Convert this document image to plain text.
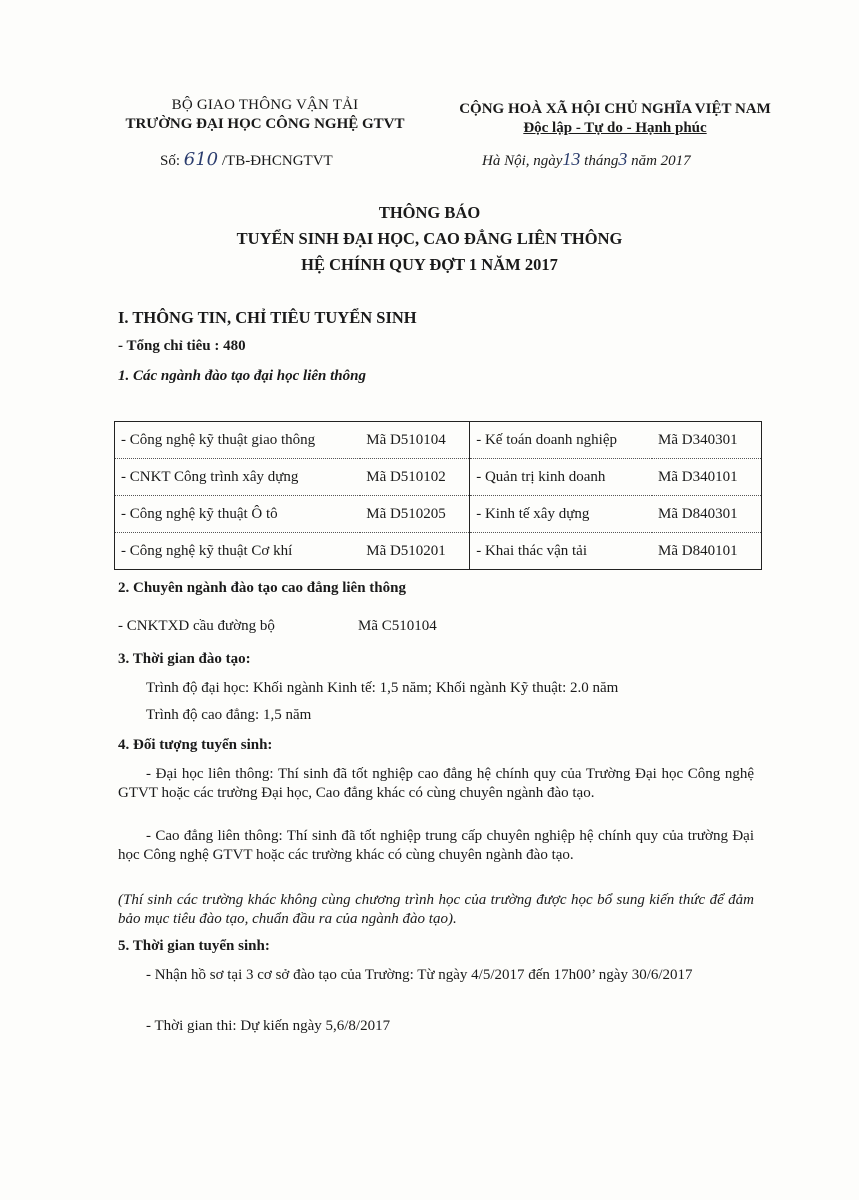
BỘ GIAO THÔNG VẬN TẢI
TRƯỜNG ĐẠI HỌC CÔNG NGHỆ GTVT
CỘNG HOÀ XÃ HỘI CHỦ NGHĨA VIỆT NAM
Độc lập - Tự do - Hạnh phúc
Số: 610 /TB-ĐHCNGTVT	Hà Nội, ngày13 tháng3 năm 2017
THÔNG BÁO
TUYỂN SINH ĐẠI HỌC, CAO ĐẲNG LIÊN THÔNG
HỆ CHÍNH QUY ĐỢT 1 NĂM 2017
I. THÔNG TIN, CHỈ TIÊU TUYỂN SINH
- Tổng chỉ tiêu : 480
1. Các ngành đào tạo đại học liên thông
- Công nghệ kỹ thuật giao thông	Mã D510104	- Kế toán doanh nghiệp	Mã D340301
- CNKT Công trình xây dựng	Mã D510102	- Quản trị kinh doanh	Mã D340101
- Công nghệ kỹ thuật Ô tô	Mã D510205	- Kinh tế xây dựng	Mã D840301
- Công nghệ kỹ thuật Cơ khí	Mã D510201	- Khai thác vận tải	Mã D840101
2. Chuyên ngành đào tạo cao đẳng liên thông
- CNKTXD cầu đường bộ	Mã C510104
3. Thời gian đào tạo:
Trình độ đại học: Khối ngành Kinh tế: 1,5 năm; Khối ngành Kỹ thuật: 2.0 năm
Trình độ cao đẳng: 1,5 năm
4. Đối tượng tuyển sinh:
- Đại học liên thông: Thí sinh đã tốt nghiệp cao đẳng hệ chính quy của Trường Đại học Công nghệ GTVT hoặc các trường Đại học, Cao đẳng khác có cùng chuyên ngành đào tạo.
- Cao đẳng liên thông: Thí sinh đã tốt nghiệp trung cấp chuyên nghiệp hệ chính quy của trường Đại học Công nghệ GTVT hoặc các trường khác có cùng chuyên ngành đào tạo.
(Thí sinh các trường khác không cùng chương trình học của trường được học bổ sung kiến thức để đảm bảo mục tiêu đào tạo, chuẩn đầu ra của ngành đào tạo).
5. Thời gian tuyển sinh:
- Nhận hồ sơ tại 3 cơ sở đào tạo của Trường: Từ ngày 4/5/2017 đến 17h00’ ngày 30/6/2017
- Thời gian thi: Dự kiến ngày 5,6/8/2017
